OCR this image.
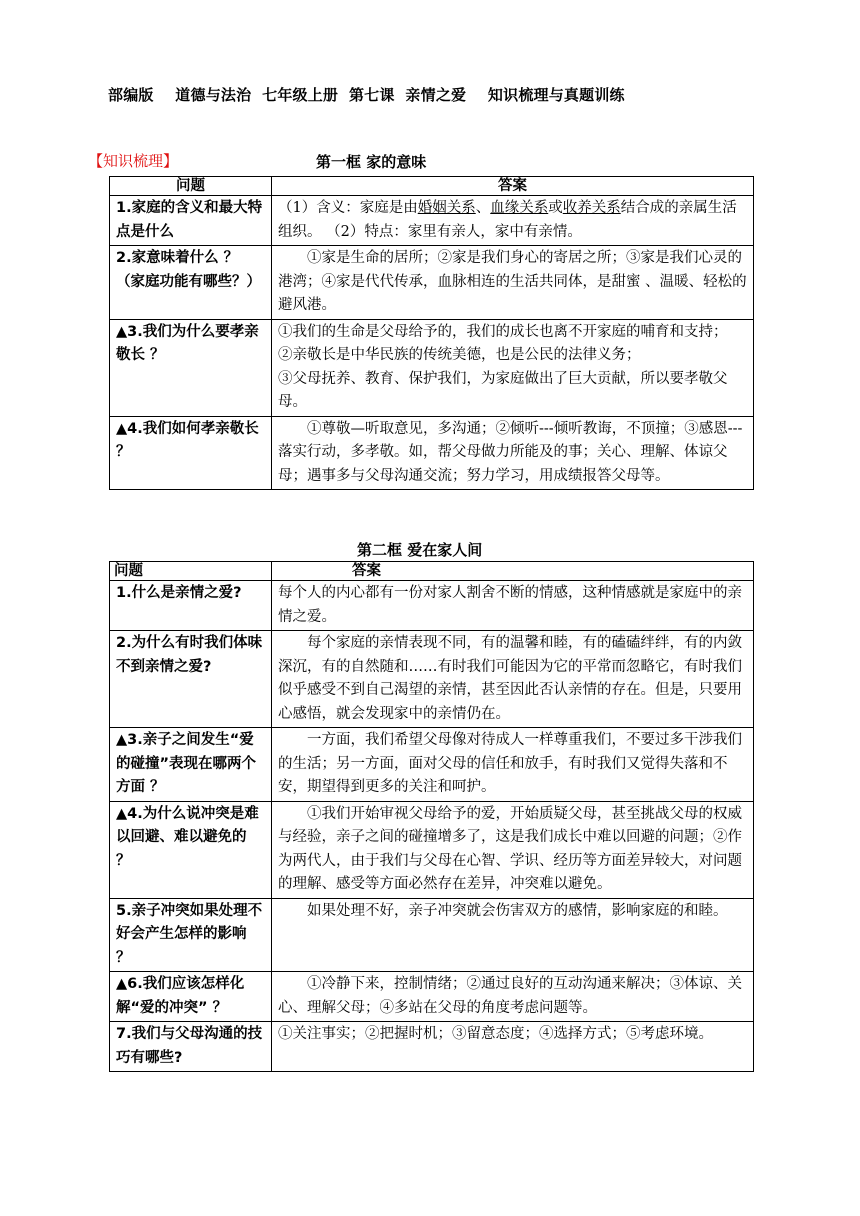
部编版    道德与法治  七年级上册  第七课  亲情之爱    知识梳理与真题训练
【知识梳理】	第一框 家的意味
问题	答案
1.家庭的含义和最大特点是什么	（1）含义：家庭是由婚姻关系、血缘关系或收养关系结合成的亲属生活组织。 （2）特点：家里有亲人，家中有亲情。
2.家意味着什么 ？（家庭功能有哪些？）	①家是生命的居所；②家是我们身心的寄居之所；③家是我们心灵的港湾；④家是代代传承，血脉相连的生活共同体，是甜蜜 、温暖、轻松的避风港。
▲3.我们为什么要孝亲敬长 ？	①我们的生命是父母给予的，我们的成长也离不开家庭的哺育和支持；
②亲敬长是中华民族的传统美德，也是公民的法律义务；
③父母抚养、教育、保护我们，为家庭做出了巨大贡献，所以要孝敬父母。

▲4.我们如何孝亲敬长 ？	①尊敬—听取意见，多沟通；②倾听---倾听教诲，不顶撞；③感恩---落实行动，多孝敬。如，帮父母做力所能及的事；关心、理解、体谅父母；遇事多与父母沟通交流；努力学习，用成绩报答父母等。
第二框 爱在家人间
问题	答案
1.什么是亲情之爱?	每个人的内心都有一份对家人割舍不断的情感，这种情感就是家庭中的亲情之爱。
2.为什么有时我们体味不到亲情之爱?	每个家庭的亲情表现不同，有的温馨和睦，有的磕磕绊绊，有的内敛深沉，有的自然随和……有时我们可能因为它的平常而忽略它，有时我们似乎感受不到自己渴望的亲情，甚至因此否认亲情的存在。但是，只要用心感悟，就会发现家中的亲情仍在。
▲3.亲子之间发生“爱的碰撞”表现在哪两个方面 ？	一方面，我们希望父母像对待成人一样尊重我们，不要过多干涉我们的生活；另一方面，面对父母的信任和放手，有时我们又觉得失落和不安，期望得到更多的关注和呵护。
▲4.为什么说冲突是难以回避、难以避免的 ？	①我们开始审视父母给予的爱，开始质疑父母，甚至挑战父母的权威与经验，亲子之间的碰撞增多了，这是我们成长中难以回避的问题；②作为两代人，由于我们与父母在心智、学识、经历等方面差异较大，对问题的理解、感受等方面必然存在差异，冲突难以避免。
5.亲子冲突如果处理不好会产生怎样的影响 ？	如果处理不好，亲子冲突就会伤害双方的感情，影响家庭的和睦。
▲6.我们应该怎样化解“爱的冲突” ？	①冷静下来，控制情绪；②通过良好的互动沟通来解决；③体谅、关心、理解父母；④多站在父母的角度考虑问题等。
7.我们与父母沟通的技巧有哪些?	①关注事实；②把握时机；③留意态度；④选择方式；⑤考虑环境。
